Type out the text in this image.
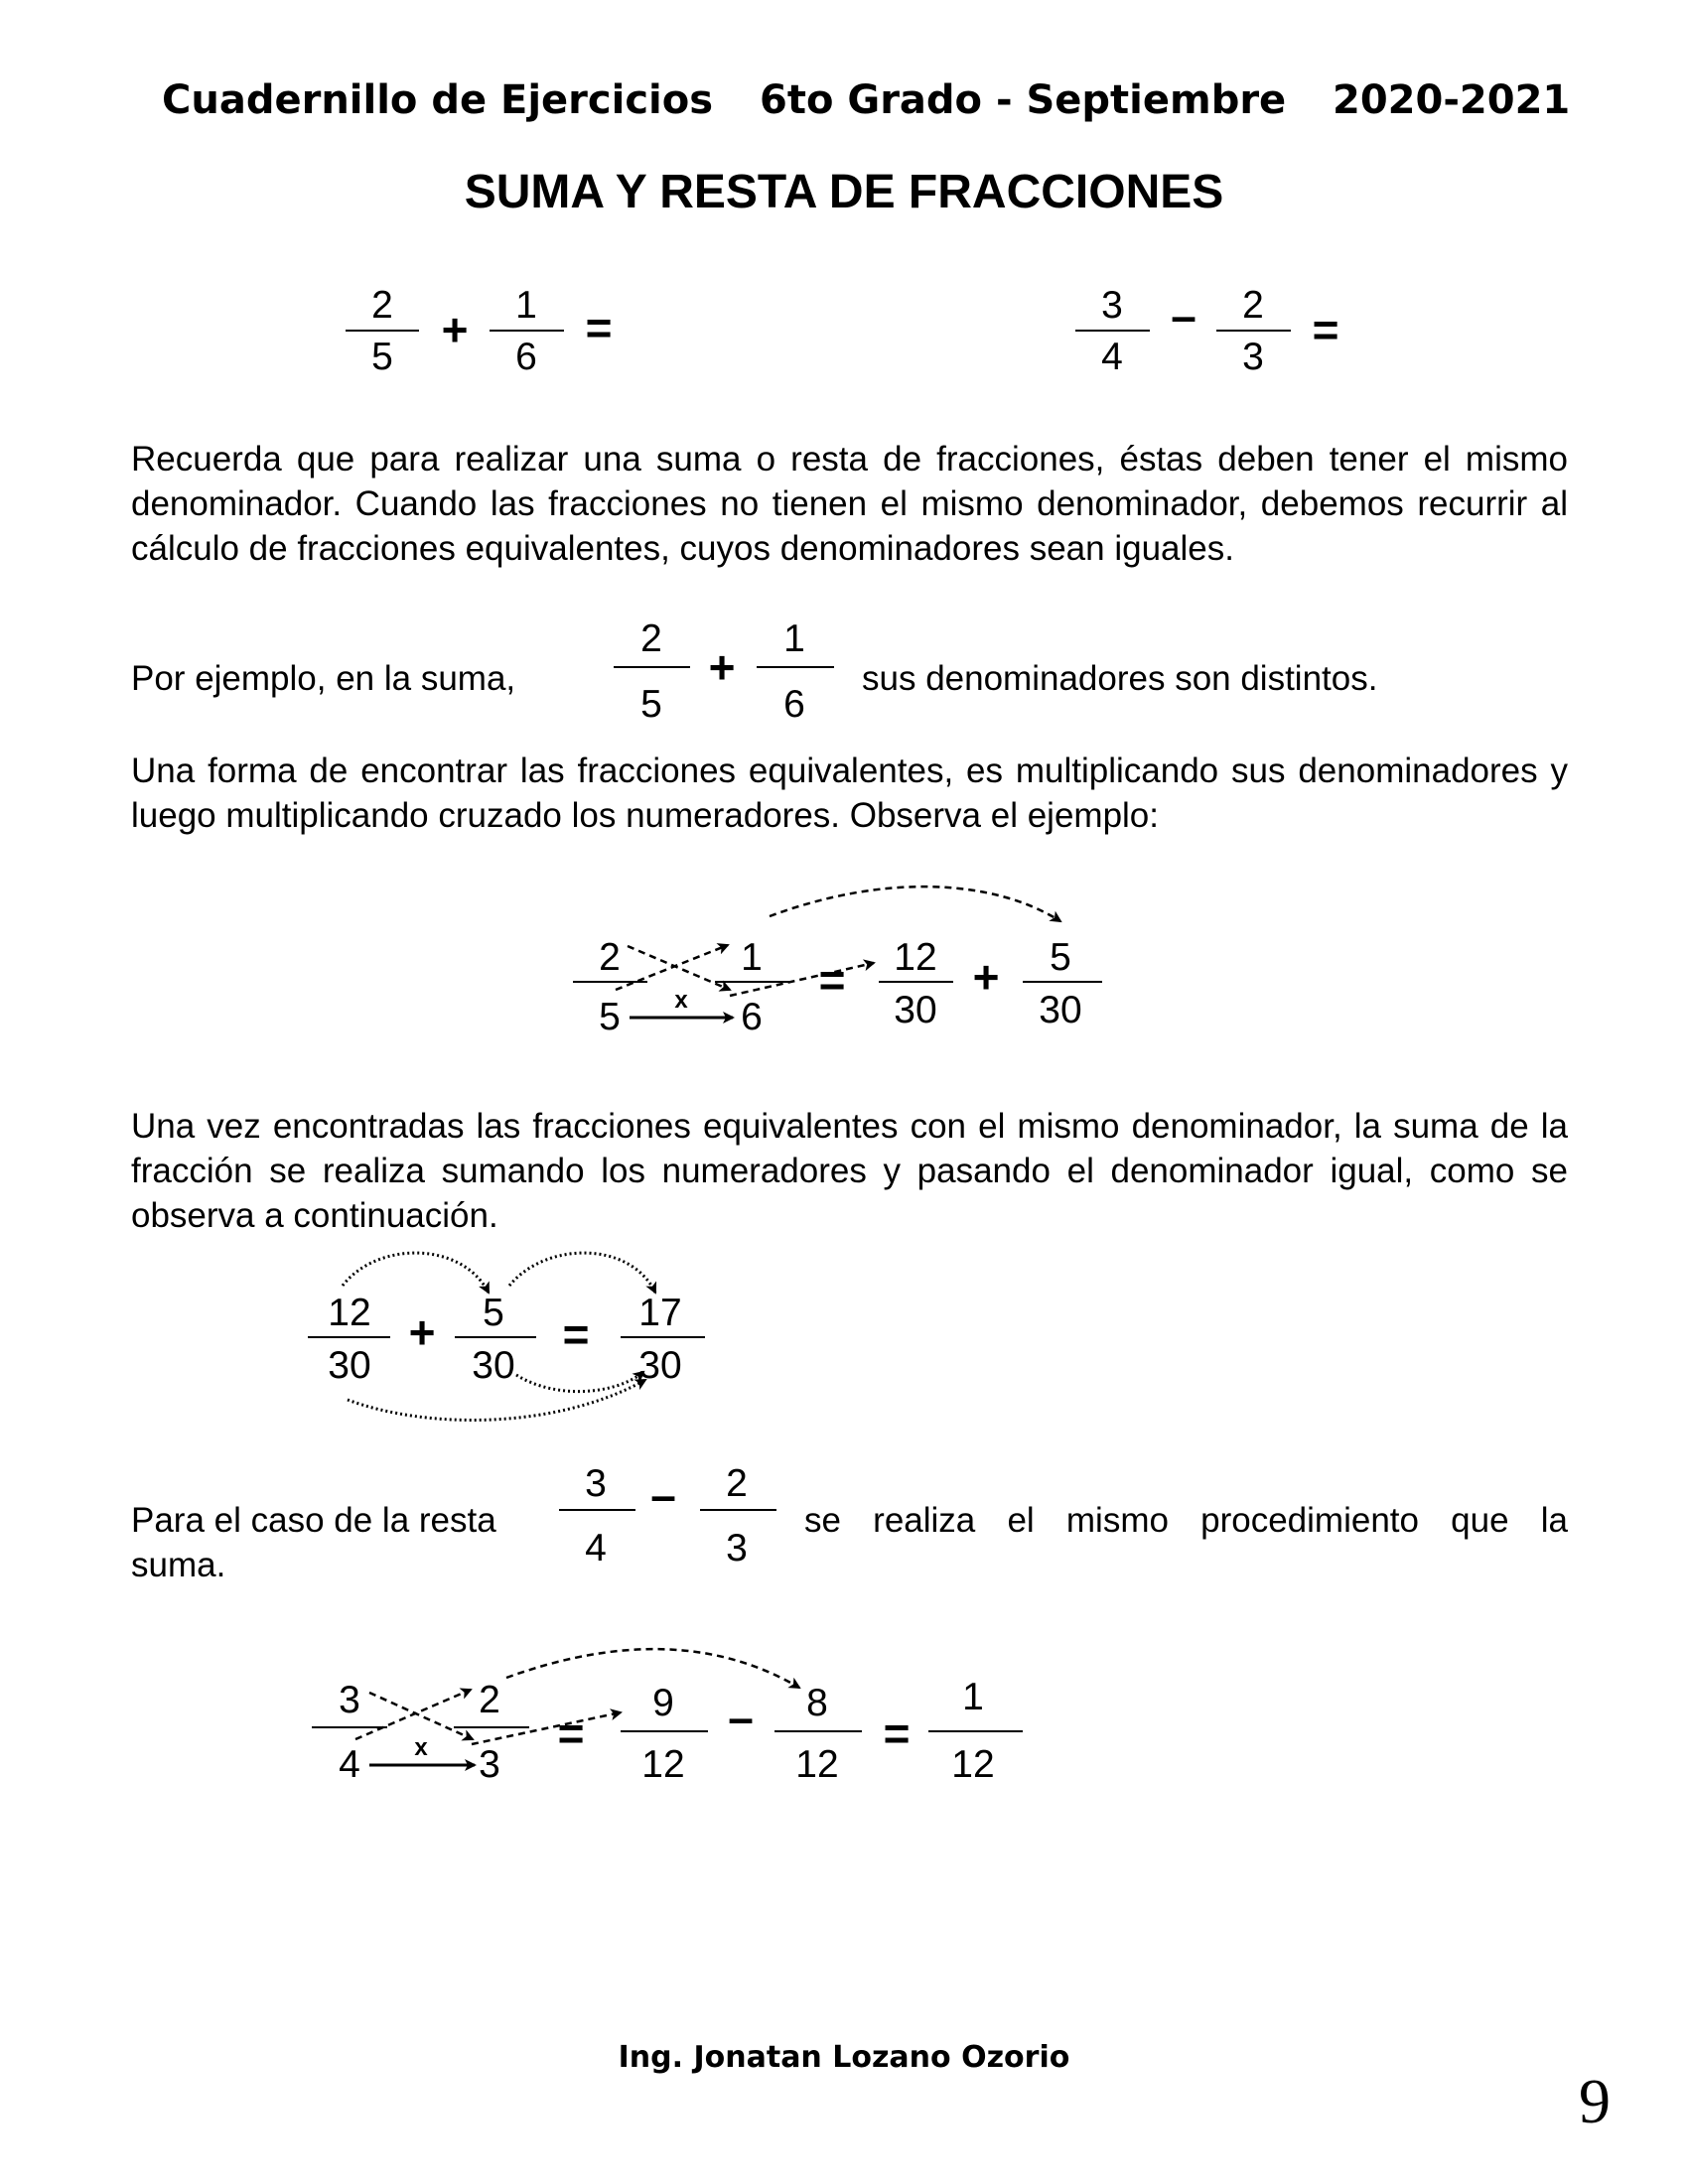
Cuadernillo de Ejercicios 6to Grado - Septiembre 2020-2021
SUMA Y RESTA DE FRACCIONES
Recuerda que para realizar una suma o resta de fracciones, éstas deben tener el mismo denominador. Cuando las fracciones no tienen el mismo denominador, debemos recurrir al cálculo de fracciones equivalentes, cuyos denominadores sean iguales.
Por ejemplo, en la suma,	sus denominadores son distintos.
Una forma de encontrar las fracciones equivalentes, es multiplicando sus denominadores y luego multiplicando cruzado los numeradores. Observa el ejemplo:
Una vez encontradas las fracciones equivalentes con el mismo denominador, la suma de la fracción se realiza sumando los numeradores y pasando el denominador igual, como se observa a continuación.
Para el caso de la resta	se realiza el mismo procedimiento que la
suma.
Ing. Jonatan Lozano Ozorio
9
2
5
+ 1
6
=	3
4
– 2
3
=
2
5
+
1
6
2
5
1
6
x	= 12
30
+ 5
30
12
30
+ 5
30
= 17
30
3
4
– 2
3
3
4
2
3
x	=
9
12
– 8
12
=
1
12
